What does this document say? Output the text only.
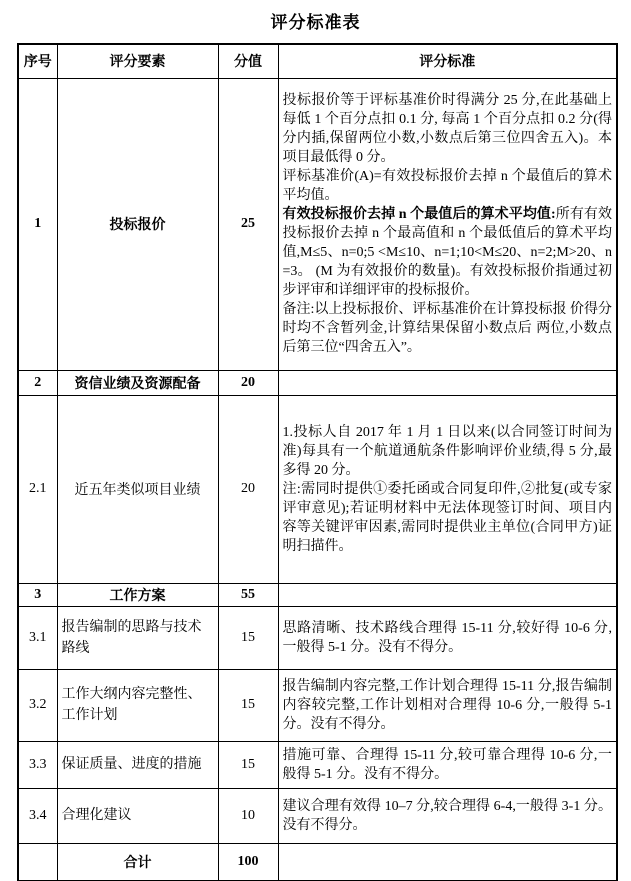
评分标准表
序号	评分要素	分值	评分标准
1	投标报价	25	投标报价等于评标基准价时得满分 25 分,在此基础上每低 1 个百分点扣 0.1 分, 每高 1 个百分点扣 0.2 分(得分内插,保留两位小数,小数点后第三位四舍五入)。本项目最低得 0 分。

评标基准价(A)=有效投标报价去掉 n 个最值后的算术平均值。

有效投标报价去掉 n 个最值后的算术平均值:所有有效投标报价去掉 n 个最高值和 n 个最低值后的算术平均值,M≤5、n=0;5 <M≤10、n=1;10<M≤20、n=2;M>20、n=3。 (M 为有效报价的数量)。有效投标报价指通过初步评审和详细评审的投标报价。

备注:以上投标报价、评标基准价在计算投标报 价得分时均不含暂列金,计算结果保留小数点后 两位,小数点后第三位“四舍五入”。

2	资信业绩及资源配备	20	
2.1	近五年类似项目业绩	20	1.投标人自 2017 年 1 月 1 日以来(以合同签订时间为准)每具有一个航道通航条件影响评价业绩,得 5 分,最多得 20 分。

注:需同时提供①委托函或合同复印件,②批复(或专家评审意见);若证明材料中无法体现签订时间、项目内容等关键评审因素,需同时提供业主单位(合同甲方)证明扫描件。

3	工作方案	55	
3.1	报告编制的思路与技术路线	15	思路清晰、技术路线合理得 15-11 分,较好得 10-6 分,一般得 5-1 分。没有不得分。
3.2	工作大纲内容完整性、工作计划	15	报告编制内容完整,工作计划合理得 15-11 分,报告编制内容较完整,工作计划相对合理得 10-6 分,一般得 5-1 分。没有不得分。
3.3	保证质量、进度的措施	15	措施可靠、合理得 15-11 分,较可靠合理得 10-6 分,一般得 5-1 分。没有不得分。
3.4	合理化建议	10	建议合理有效得 10–7 分,较合理得 6-4,一般得 3-1 分。没有不得分。
	合计	100	
